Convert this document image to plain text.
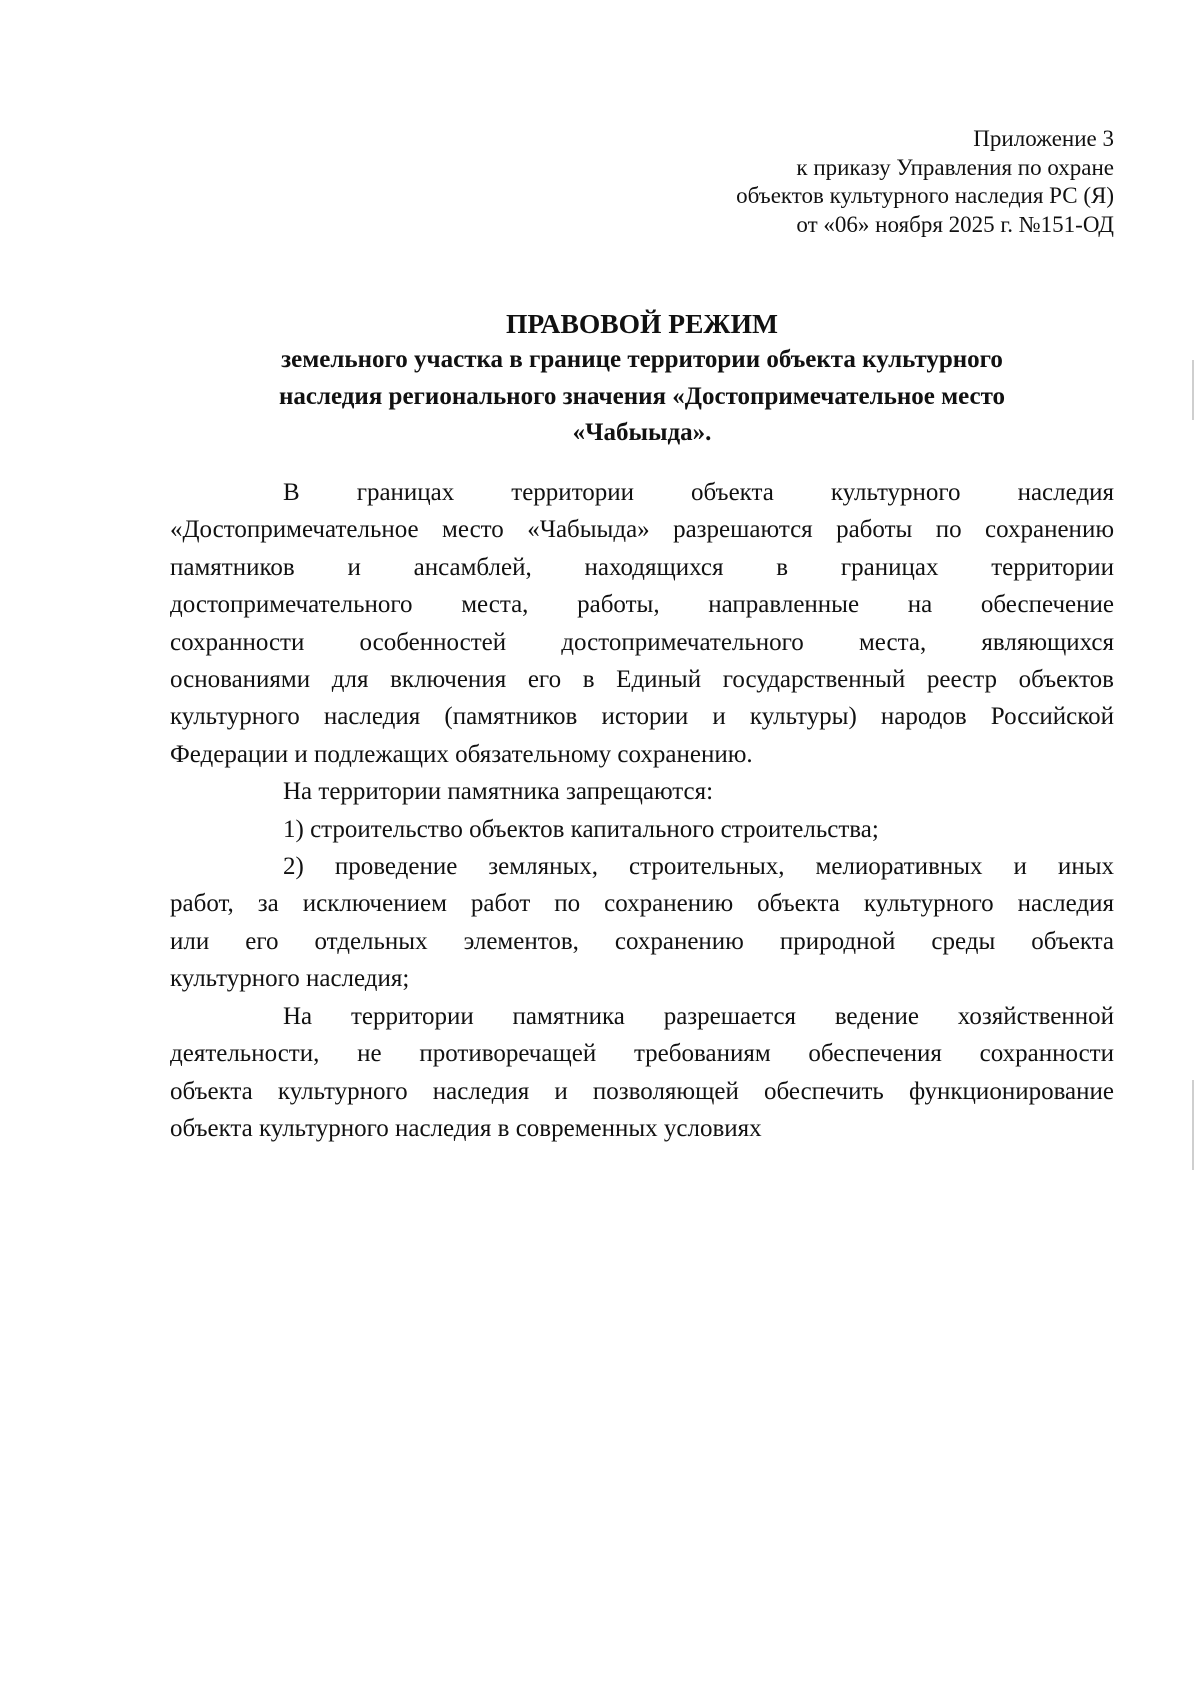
Приложение 3
к приказу Управления по охране
объектов культурного наследия РС (Я)
от «06» ноября 2025 г. №151-ОД
ПРАВОВОЙ РЕЖИМ
земельного участка в границе территории объекта культурного
наследия регионального значения «Достопримечательное место
«Чабыыда».
В границах территории объекта культурного наследия
«Достопримечательное место «Чабыыда» разрешаются работы по сохранению
памятников и ансамблей, находящихся в границах территории
достопримечательного места, работы, направленные на обеспечение
сохранности особенностей достопримечательного места, являющихся
основаниями для включения его в Единый государственный реестр объектов
культурного наследия (памятников истории и культуры) народов Российской
Федерации и подлежащих обязательному сохранению.
На территории памятника запрещаются:
1) строительство объектов капитального строительства;
2) проведение земляных, строительных, мелиоративных и иных
работ, за исключением работ по сохранению объекта культурного наследия
или его отдельных элементов, сохранению природной среды объекта
культурного наследия;
На территории памятника разрешается ведение хозяйственной
деятельности, не противоречащей требованиям обеспечения сохранности
объекта культурного наследия и позволяющей обеспечить функционирование
объекта культурного наследия в современных условиях
